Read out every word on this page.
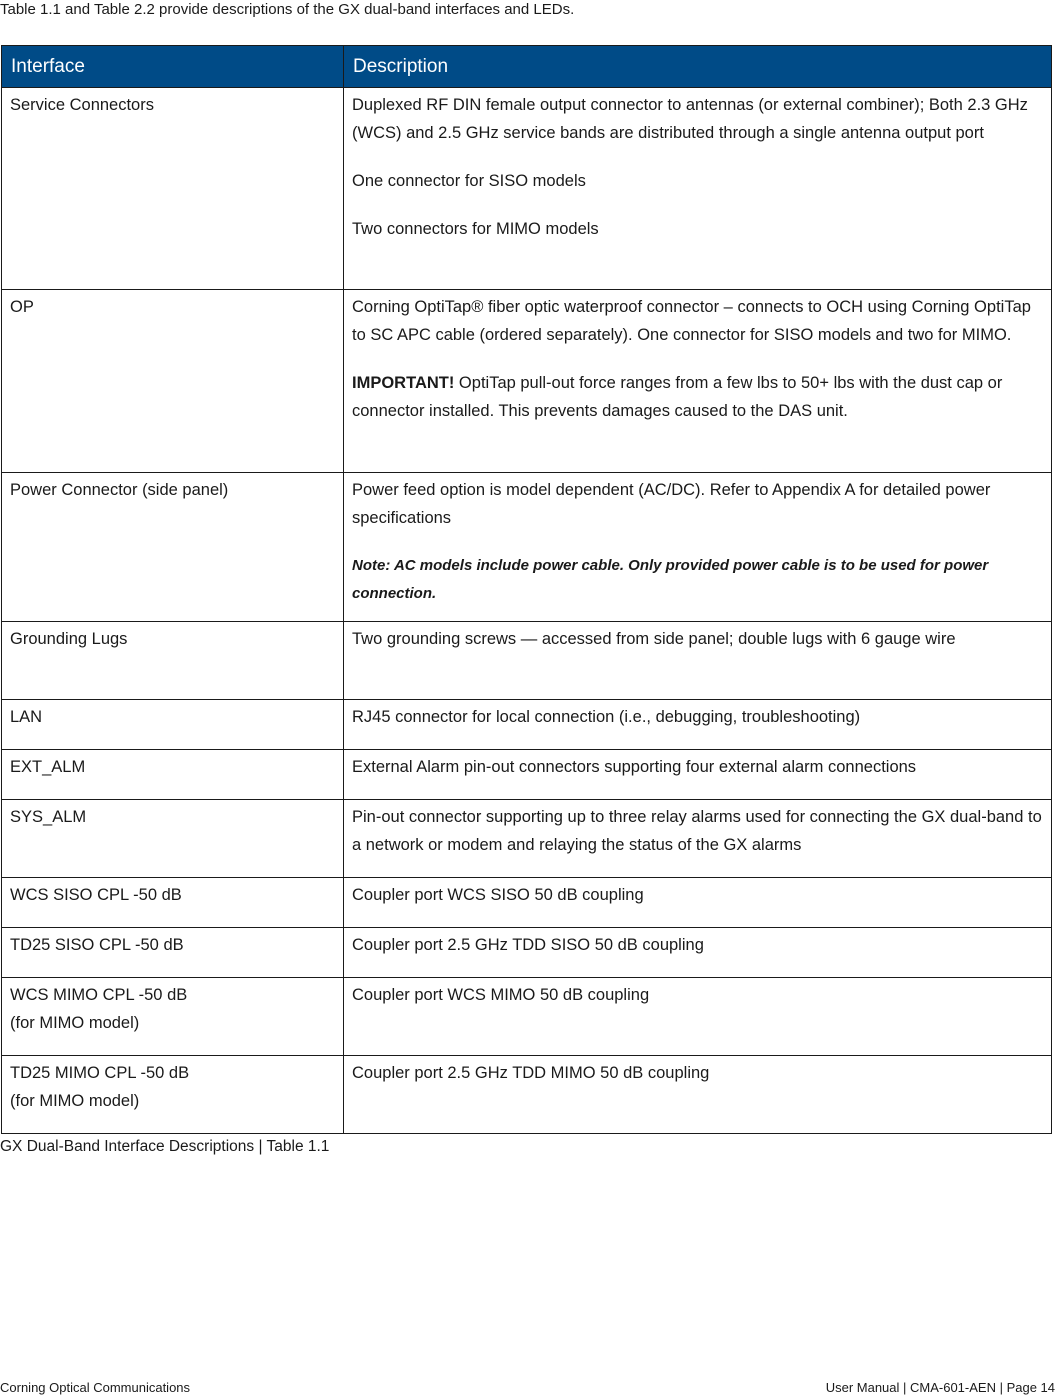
Table 1.1 and Table 2.2 provide descriptions of the GX dual-band interfaces and LEDs.
Interface	Description
Service Connectors	Duplexed RF DIN female output connector to antennas (or external combiner); Both 2.3 GHz (WCS) and 2.5 GHz service bands are distributed through a single antenna output port

One connector for SISO models

Two connectors for MIMO models

OP	Corning OptiTap® fiber optic waterproof connector – connects to OCH using Corning OptiTap to SC APC cable (ordered separately). One connector for SISO models and two for MIMO.

IMPORTANT! OptiTap pull-out force ranges from a few lbs to 50+ lbs with the dust cap or connector installed. This prevents damages caused to the DAS unit.

Power Connector (side panel)	Power feed option is model dependent (AC/DC). Refer to Appendix A for detailed power specifications

Note: AC models include power cable. Only provided power cable is to be used for power connection.

Grounding Lugs	Two grounding screws — accessed from side panel; double lugs with 6 gauge wire
LAN	RJ45 connector for local connection (i.e., debugging, troubleshooting)
EXT_ALM	External Alarm pin-out connectors supporting four external alarm connections
SYS_ALM	Pin-out connector supporting up to three relay alarms used for connecting the GX dual-band to a network or modem and relaying the status of the GX alarms
WCS SISO CPL -50 dB	Coupler port WCS SISO 50 dB coupling
TD25 SISO CPL -50 dB	Coupler port 2.5 GHz TDD SISO 50 dB coupling

WCS MIMO CPL -50 dB
(for MIMO model)	Coupler port WCS MIMO 50 dB coupling

TD25 MIMO CPL -50 dB
(for MIMO model)	Coupler port 2.5 GHz TDD MIMO 50 dB coupling
GX Dual-Band Interface Descriptions | Table 1.1
Corning Optical Communications	User Manual | CMA-601-AEN | Page 14
